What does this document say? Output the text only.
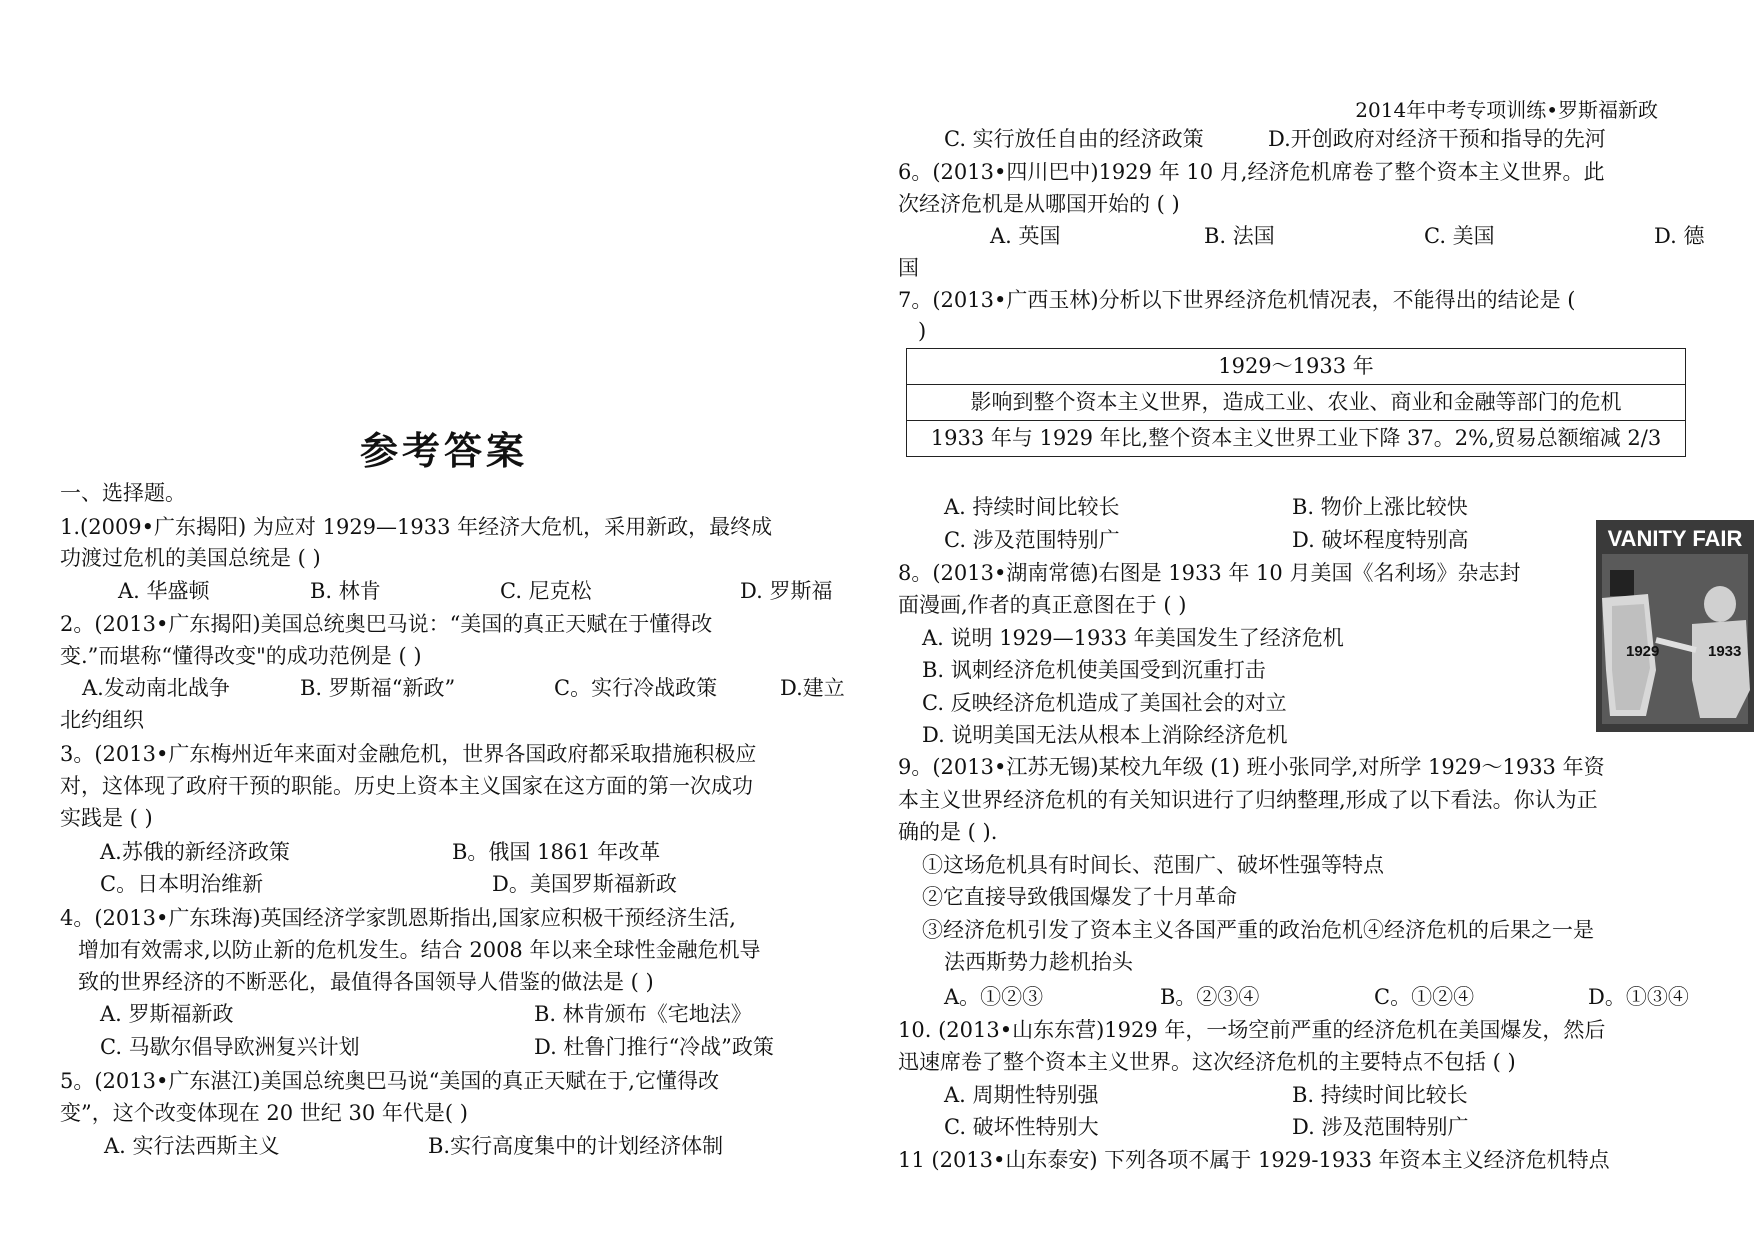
参考答案
一、选择题。
1.(2009•广东揭阳) 为应对 1929—1933 年经济大危机，采用新政，最终成
功渡过危机的美国总统是 ( )
A. 华盛顿	B. 林肯	C. 尼克松	D. 罗斯福
2。(2013•广东揭阳)美国总统奥巴马说：“美国的真正天赋在于懂得改
变.”而堪称“懂得改变"的成功范例是 ( )
A.发动南北战争	B. 罗斯福“新政”	C。实行冷战政策	D.建立
北约组织
3。(2013•广东梅州近年来面对金融危机，世界各国政府都采取措施积极应
对，这体现了政府干预的职能。历史上资本主义国家在这方面的第一次成功
实践是 ( )
A.苏俄的新经济政策	B。俄国 1861 年改革
C。日本明治维新	D。美国罗斯福新政
4。(2013•广东珠海)英国经济学家凯恩斯指出,国家应积极干预经济生活,
增加有效需求,以防止新的危机发生。结合 2008 年以来全球性金融危机导
致的世界经济的不断恶化，最值得各国领导人借鉴的做法是 ( )
A. 罗斯福新政	B. 林肯颁布《宅地法》
C. 马歇尔倡导欧洲复兴计划	D. 杜鲁门推行“冷战”政策
5。(2013•广东湛江)美国总统奥巴马说“美国的真正天赋在于,它懂得改
变”，这个改变体现在 20 世纪 30 年代是( )
A. 实行法西斯主义	B.实行高度集中的计划经济体制
2014年中考专项训练•罗斯福新政
C. 实行放任自由的经济政策	D.开创政府对经济干预和指导的先河
6。(2013•四川巴中)1929 年 10 月,经济危机席卷了整个资本主义世界。此
次经济危机是从哪国开始的 ( )
A. 英国	B. 法国	C. 美国	D. 德
国
7。(2013•广西玉林)分析以下世界经济危机情况表，不能得出的结论是 (
)
1929～1933 年
影响到整个资本主义世界，造成工业、农业、商业和金融等部门的危机
1933 年与 1929 年比,整个资本主义世界工业下降 37。2%,贸易总额缩减 2/3
A. 持续时间比较长	B. 物价上涨比较快
C. 涉及范围特别广	D. 破坏程度特别高
8。(2013•湖南常德)右图是 1933 年 10 月美国《名利场》杂志封
面漫画,作者的真正意图在于 ( )
A. 说明 1929—1933 年美国发生了经济危机
B. 讽刺经济危机使美国受到沉重打击
C. 反映经济危机造成了美国社会的对立
D. 说明美国无法从根本上消除经济危机
9。(2013•江苏无锡)某校九年级 (1) 班小张同学,对所学 1929～1933 年资
本主义世界经济危机的有关知识进行了归纳整理,形成了以下看法。你认为正
确的是 ( ).
①这场危机具有时间长、范围广、破坏性强等特点
②它直接导致俄国爆发了十月革命
③经济危机引发了资本主义各国严重的政治危机④经济危机的后果之一是
法西斯势力趁机抬头
A。①②③	B。②③④	C。①②④	D。①③④
10. (2013•山东东营)1929 年，一场空前严重的经济危机在美国爆发，然后
迅速席卷了整个资本主义世界。这次经济危机的主要特点不包括 ( )
A. 周期性特别强	B. 持续时间比较长
C. 破坏性特别大	D. 涉及范围特别广
11 (2013•山东泰安) 下列各项不属于 1929-1933 年资本主义经济危机特点
VANITY FAIR
1929	1933
